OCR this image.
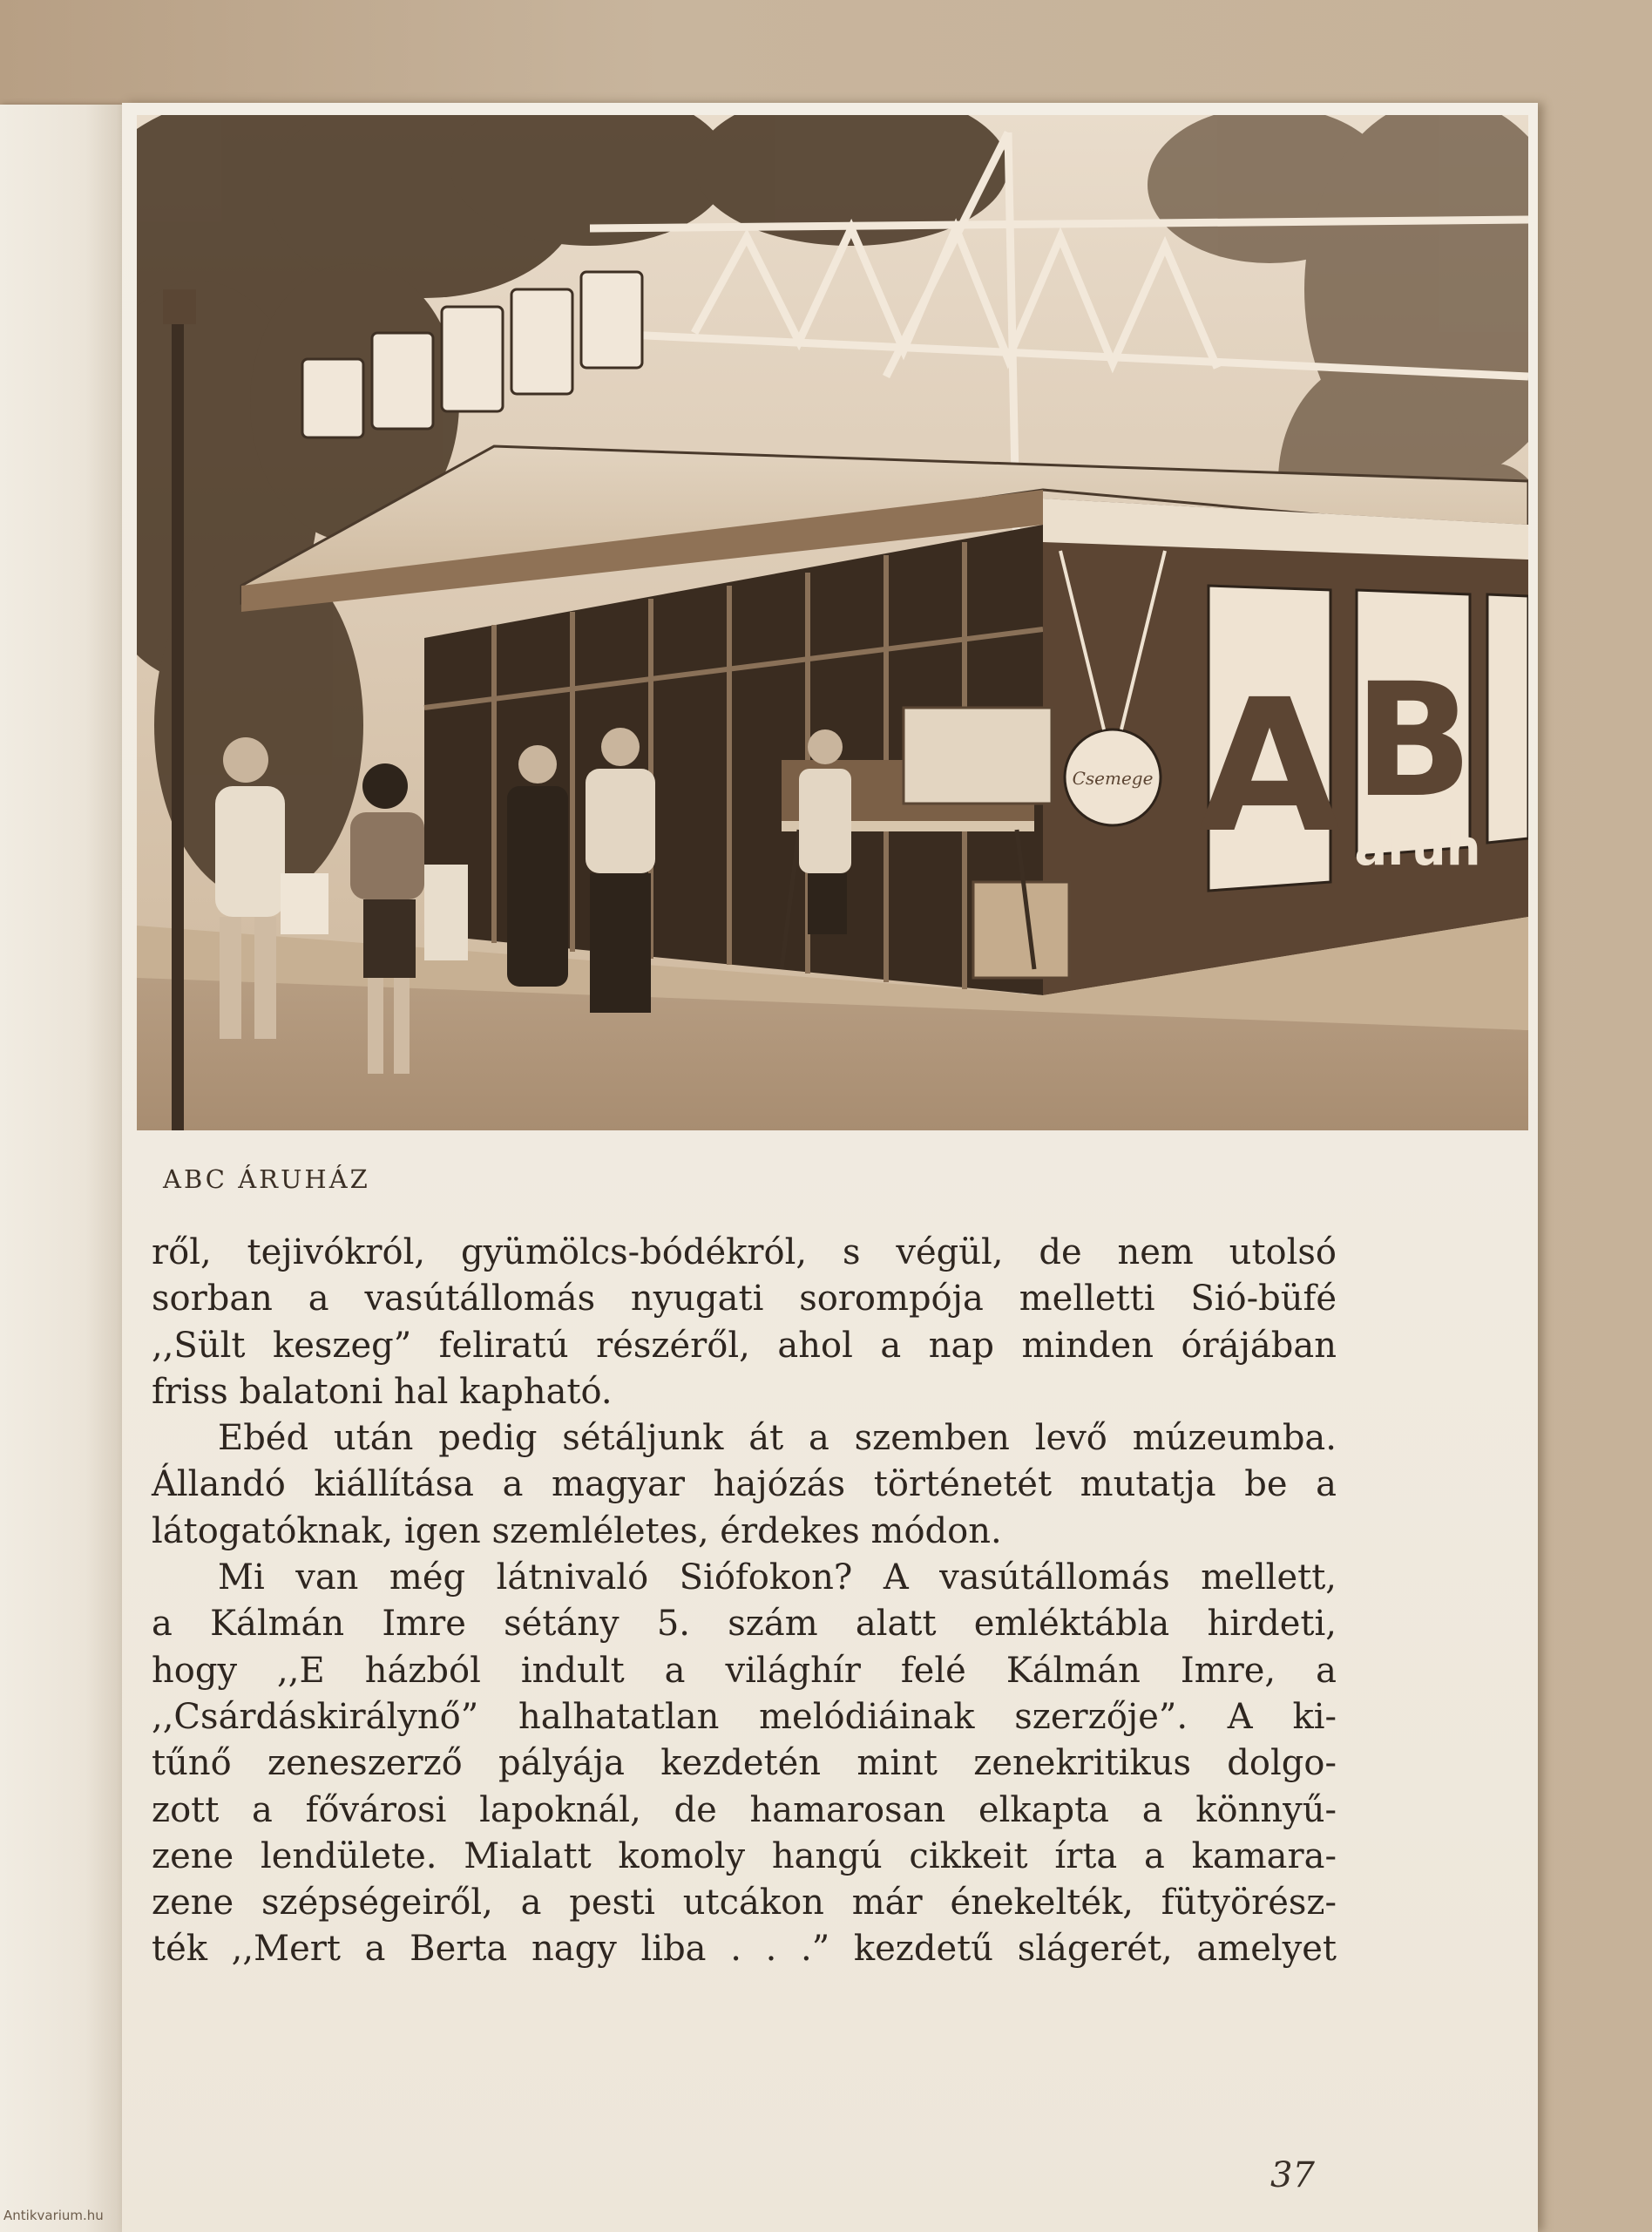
A B
áruh
Csemege
ABC ÁRUHÁZ
ről, tejivókról, gyümölcs-bódékról, s végül, de nem utolsó
sorban a vasútállomás nyugati sorompója melletti Sió-büfé
,,Sült keszeg” feliratú részéről, ahol a nap minden órájában
friss balatoni hal kapható.
Ebéd után pedig sétáljunk át a szemben levő múzeumba.
Állandó kiállítása a magyar hajózás történetét mutatja be a
látogatóknak, igen szemléletes, érdekes módon.
Mi van még látnivaló Siófokon? A vasútállomás mellett,
a Kálmán Imre sétány 5. szám alatt emléktábla hirdeti,
hogy ,,E házból indult a világhír felé Kálmán Imre, a
,,Csárdáskirálynő” halhatatlan melódiáinak szerzője”. A ki-
tűnő zeneszerző pályája kezdetén mint zenekritikus dolgo-
zott a fővárosi lapoknál, de hamarosan elkapta a könnyű-
zene lendülete. Mialatt komoly hangú cikkeit írta a kamara-
zene szépségeiről, a pesti utcákon már énekelték, fütyörész-
ték ,,Mert a Berta nagy liba . . .” kezdetű slágerét, amelyet
37
Antikvarium.hu
